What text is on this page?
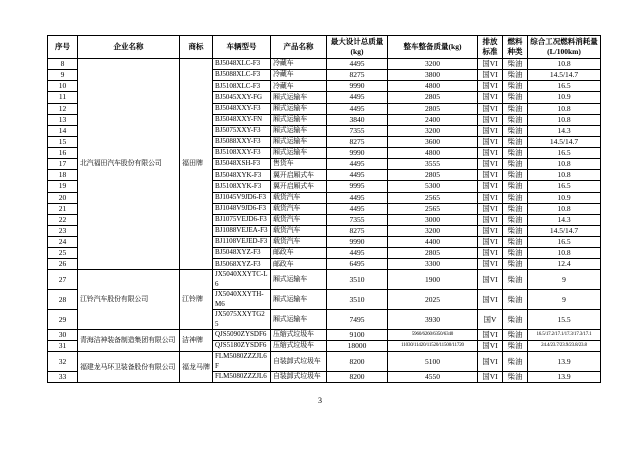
序号	企业名称	商标	车辆型号	产品名称	最大设计总质量(kg)	整车整备质量(kg)	排放标准	燃料种类	综合工况燃料消耗量(L/100km)
8	北汽福田汽车股份有限公司	福田牌	BJ5048XLC-F3	冷藏车	4495	3200	国VI	柴油	10.8
9			BJ5088XLC-F3	冷藏车	8275	3800	国VI	柴油	14.5/14.7
10			BJ5108XLC-F3	冷藏车	9990	4800	国VI	柴油	16.5
11			BJ5045XXY-FG	厢式运输车	4495	2805	国VI	柴油	10.9
12			BJ5048XXY-F3	厢式运输车	4495	2805	国VI	柴油	10.8
13			BJ5048XXY-FN	厢式运输车	3840	2400	国VI	柴油	10.8
14			BJ5075XXY-F3	厢式运输车	7355	3200	国VI	柴油	14.3
15			BJ5088XXY-F3	厢式运输车	8275	3600	国VI	柴油	14.5/14.7
16			BJ5108XXY-F3	厢式运输车	9990	4800	国VI	柴油	16.5
17			BJ5048XSH-F3	售货车	4495	3555	国VI	柴油	10.8
18			BJ5048XYK-F3	翼开启厢式车	4495	2805	国VI	柴油	10.8
19			BJ5108XYK-F3	翼开启厢式车	9995	5300	国VI	柴油	16.5
20			BJ1045V9JD6-F3	载货汽车	4495	2565	国VI	柴油	10.9
21			BJ1048V9JD6-F3	载货汽车	4495	2565	国VI	柴油	10.8
22			BJ1075VEJD6-F3	载货汽车	7355	3000	国VI	柴油	14.3
23			BJ1088VEJEA-F3	载货汽车	8275	3200	国VI	柴油	14.5/14.7
24			BJ1108VEJED-F3	载货汽车	9990	4400	国VI	柴油	16.5
25			BJ5048XYZ-F3	邮政车	4495	2805	国VI	柴油	10.8
26			BJ5068XYZ-F3	邮政车	6495	3300	国VI	柴油	12.4
27	江铃汽车股份有限公司	江铃牌	JX5040XXYTC-L6	厢式运输车	3510	1900	国VI	柴油	9
28			JX5040XXYTH-M6	厢式运输车	3510	2025	国VI	柴油	9
29			JX5075XXYTG25	厢式运输车	7495	3930	国V	柴油	15.5
30	青海洁神装备制造集团有限公司	洁神牌	QJS5090ZYSDF6	压缩式垃圾车	9100	5960/6260/6350/6340	国VI	柴油	16.5/17.2/17.1/17.3/17.3/17.1
31			QJS5180ZYSDF6	压缩式垃圾车	18000	11030/11420/11520/11500/11720	国VI	柴油	24.4/23.7/23.9/23.8/23.8
32	福建龙马环卫装备股份有限公司	福龙马牌	FLM5080ZZZJL6F	自装卸式垃圾车	8200	5100	国VI	柴油	13.9
33			FLM5080ZZZJL6	自装卸式垃圾车	8200	4550	国VI	柴油	13.9
3
